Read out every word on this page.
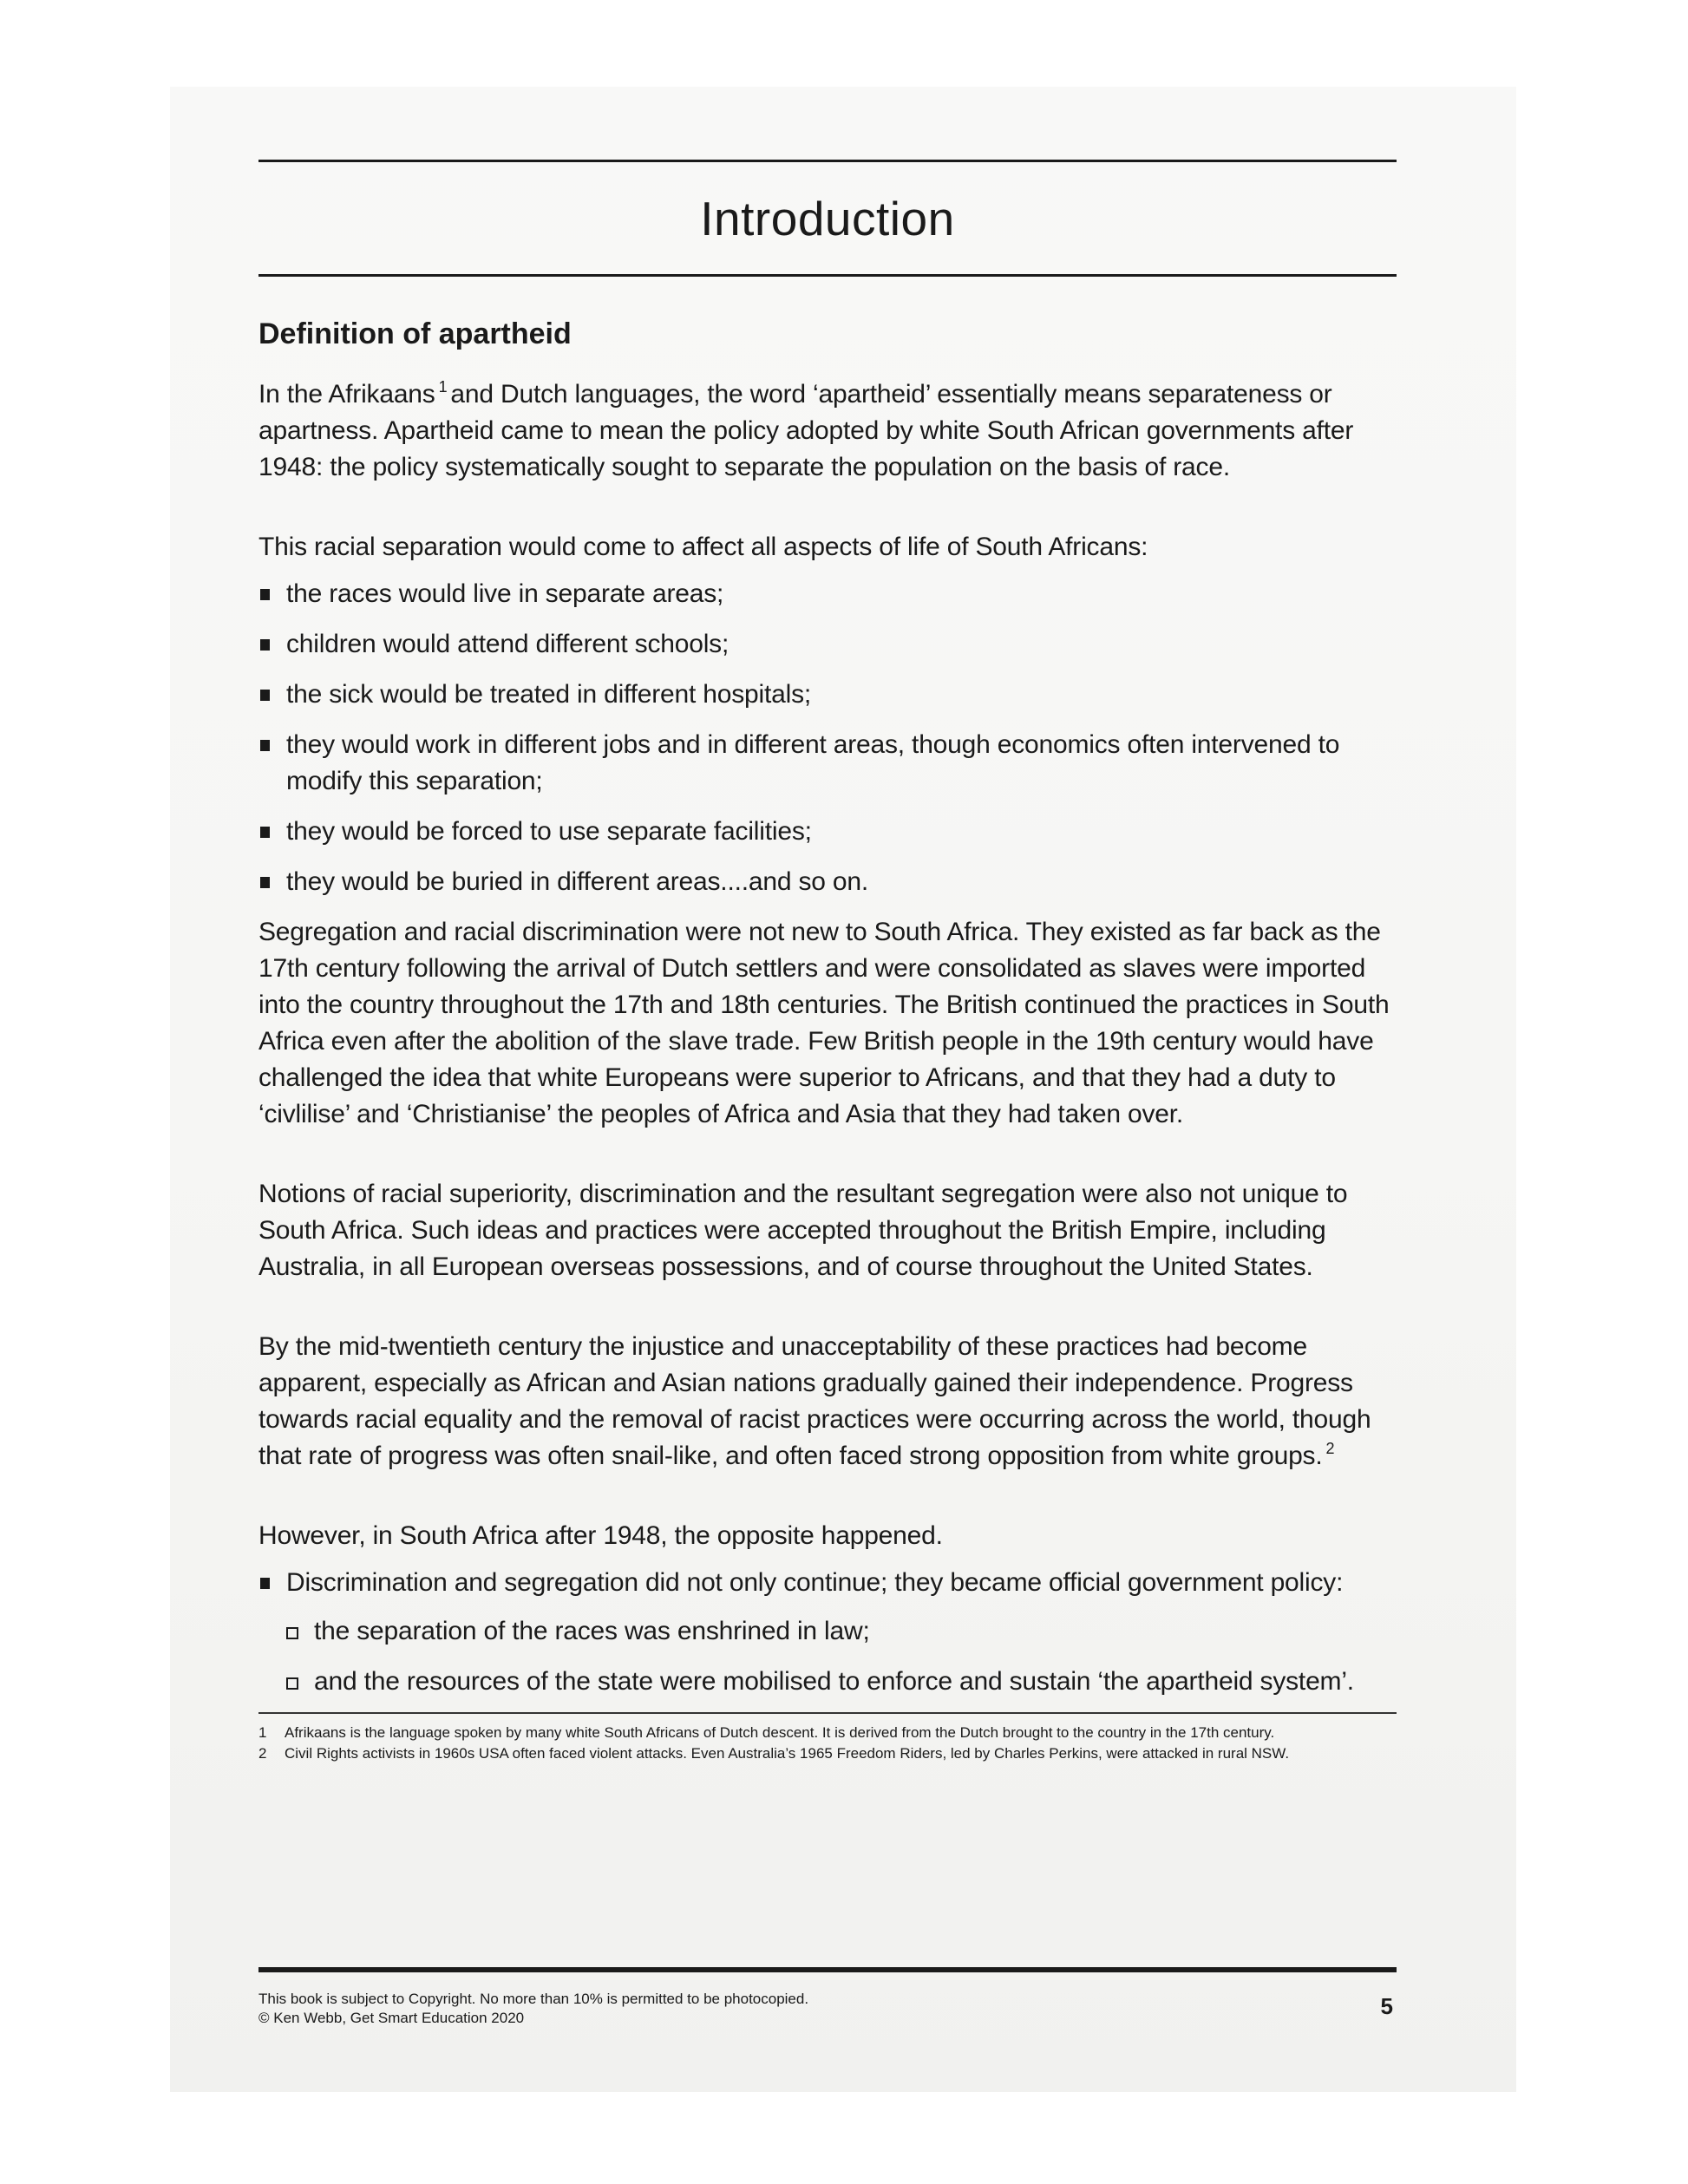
Introduction
Definition of apartheid

In the Afrikaans $^1$ and Dutch languages, the word ‘apartheid’ essentially means separateness or apartness. Apartheid came to mean the policy adopted by white South African governments after 1948: the policy systematically sought to separate the population on the basis of race.

This racial separation would come to affect all aspects of life of South Africans:

the races would live in separate areas;
children would attend different schools;
the sick would be treated in different hospitals;
they would work in different jobs and in different areas, though economics often intervened to modify this separation;
they would be forced to use separate facilities;
they would be buried in different areas....and so on.

Segregation and racial discrimination were not new to South Africa. They existed as far back as the 17th century following the arrival of Dutch settlers and were consolidated as slaves were imported into the country throughout the 17th and 18th centuries. The British continued the practices in South Africa even after the abolition of the slave trade. Few British people in the 19th century would have challenged the idea that white Europeans were superior to Africans, and that they had a duty to ‘civlilise’ and ‘Christianise’ the peoples of Africa and Asia that they had taken over.

Notions of racial superiority, discrimination and the resultant segregation were also not unique to South Africa. Such ideas and practices were accepted throughout the British Empire, including Australia, in all European overseas possessions, and of course throughout the United States.

By the mid-twentieth century the injustice and unacceptability of these practices had become apparent, especially as African and Asian nations gradually gained their independence. Progress towards racial equality and the removal of racist practices were occurring across the world, though that rate of progress was often snail-like, and often faced strong opposition from white groups. $^2$

However, in South Africa after 1948, the opposite happened.

Discrimination and segregation did not only continue; they became official government policy:
the separation of the races was enshrined in law;
and the resources of the state were mobilised to enforce and sustain ‘the apartheid system’.
1 Afrikaans is the language spoken by many white South Africans of Dutch descent. It is derived from the Dutch brought to the country in the 17th century.
2 Civil Rights activists in 1960s USA often faced violent attacks. Even Australia’s 1965 Freedom Riders, led by Charles Perkins, were attacked in rural NSW.
This book is subject to Copyright. No more than 10% is permitted to be photocopied.
© Ken Webb, Get Smart Education 2020	5
